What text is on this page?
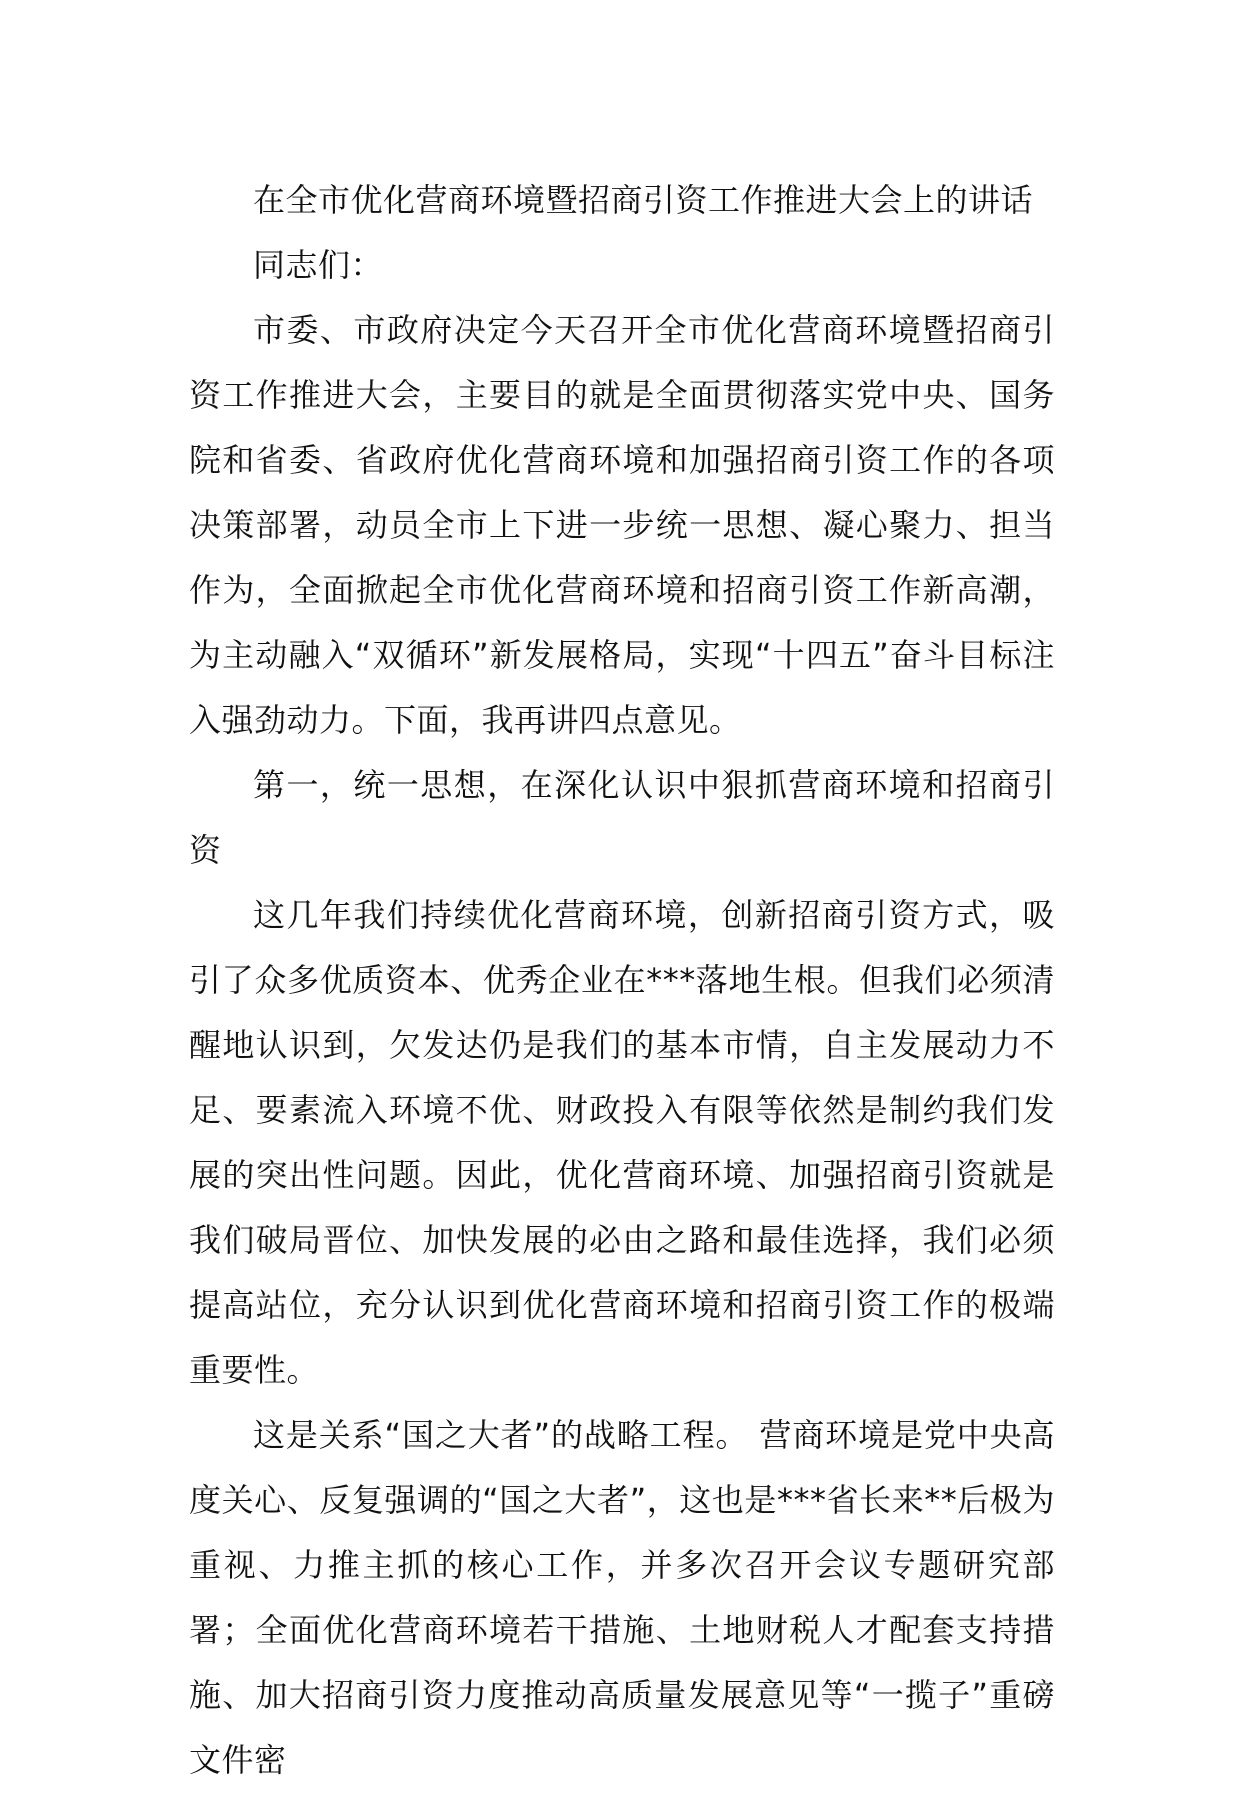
在全市优化营商环境暨招商引资工作推进大会上的讲话

同志们：

市委、市政府决定今天召开全市优化营商环境暨招商引资工作推进大会，主要目的就是全面贯彻落实党中央、国务院和省委、省政府优化营商环境和加强招商引资工作的各项决策部署，动员全市上下进一步统一思想、凝心聚力、担当作为，全面掀起全市优化营商环境和招商引资工作新高潮，为主动融入“双循环”新发展格局，实现“十四五”奋斗目标注入强劲动力。下面，我再讲四点意见。

第一，统一思想，在深化认识中狠抓营商环境和招商引资

这几年我们持续优化营商环境，创新招商引资方式，吸引了众多优质资本、优秀企业在***落地生根。但我们必须清醒地认识到，欠发达仍是我们的基本市情，自主发展动力不足、要素流入环境不优、财政投入有限等依然是制约我们发展的突出性问题。因此，优化营商环境、加强招商引资就是我们破局晋位、加快发展的必由之路和最佳选择，我们必须提高站位，充分认识到优化营商环境和招商引资工作的极端重要性。

这是关系“国之大者”的战略工程。 营商环境是党中央高度关心、反复强调的“国之大者”，这也是***省长来**后极为重视、力推主抓的核心工作，并多次召开会议专题研究部署；全面优化营商环境若干措施、土地财税人才配套支持措施、加大招商引资力度推动高质量发展意见等“一揽子”重磅文件密
